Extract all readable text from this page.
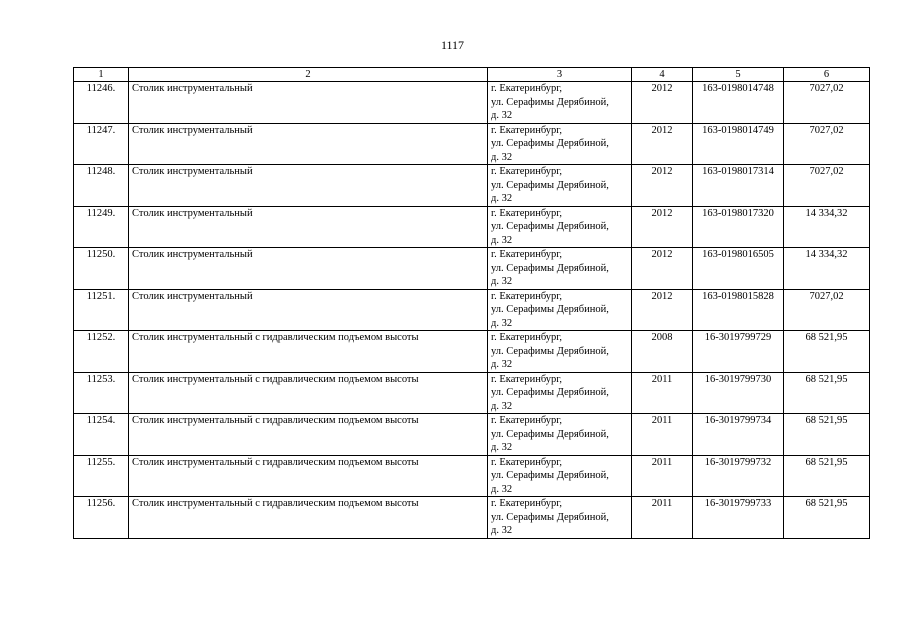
1117
1	2	3	4	5	6
11246.	Столик инструментальный	г. Екатеринбург,
ул. Серафимы Дерябиной,
д. 32	2012	163-0198014748	7027,02
11247.	Столик инструментальный	г. Екатеринбург,
ул. Серафимы Дерябиной,
д. 32	2012	163-0198014749	7027,02
11248.	Столик инструментальный	г. Екатеринбург,
ул. Серафимы Дерябиной,
д. 32	2012	163-0198017314	7027,02
11249.	Столик инструментальный	г. Екатеринбург,
ул. Серафимы Дерябиной,
д. 32	2012	163-0198017320	14 334,32
11250.	Столик инструментальный	г. Екатеринбург,
ул. Серафимы Дерябиной,
д. 32	2012	163-0198016505	14 334,32
11251.	Столик инструментальный	г. Екатеринбург,
ул. Серафимы Дерябиной,
д. 32	2012	163-0198015828	7027,02
11252.	Столик инструментальный с гидравлическим подъемом высоты	г. Екатеринбург,
ул. Серафимы Дерябиной,
д. 32	2008	16-3019799729	68 521,95
11253.	Столик инструментальный с гидравлическим подъемом высоты	г. Екатеринбург,
ул. Серафимы Дерябиной,
д. 32	2011	16-3019799730	68 521,95
11254.	Столик инструментальный с гидравлическим подъемом высоты	г. Екатеринбург,
ул. Серафимы Дерябиной,
д. 32	2011	16-3019799734	68 521,95
11255.	Столик инструментальный с гидравлическим подъемом высоты	г. Екатеринбург,
ул. Серафимы Дерябиной,
д. 32	2011	16-3019799732	68 521,95
11256.	Столик инструментальный с гидравлическим подъемом высоты	г. Екатеринбург,
ул. Серафимы Дерябиной,
д. 32	2011	16-3019799733	68 521,95
